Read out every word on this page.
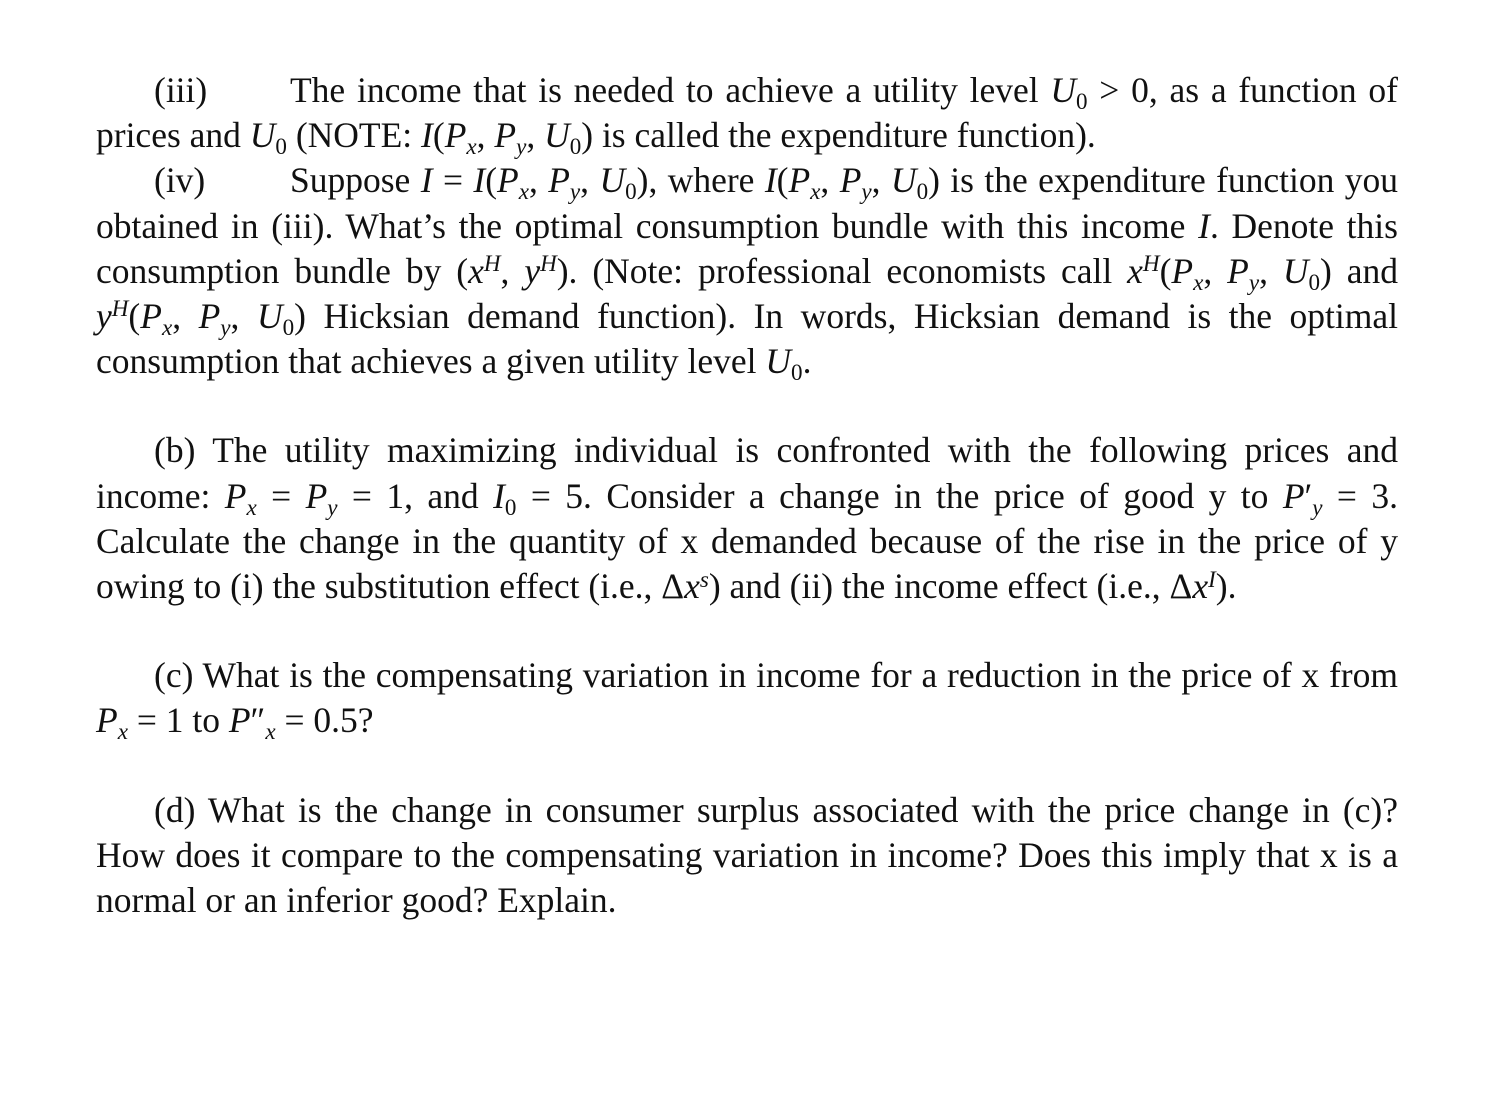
(iii) The income that is needed to achieve a utility level $U_0 > 0$, as a function of prices and $U_0$ (NOTE: $I(P_x$, $P_y$, $U_0$) is called the expenditure function).

(iv) Suppose $I = I(P_x$, $P_y$, $U_0$), where $I(P_x$, $P_y$, $U_0$) is the expenditure function you obtained in (iii). What’s the optimal consumption bundle with this income I. Denote this consumption bundle by ($x^H$, $y^H$). (Note: professional economists call $x^H(P_x$, $P_y$, $U_0$) and $y^H(P_x$, $P_y$, $U_0$) Hicksian demand function). In words, Hicksian demand is the optimal consumption that achieves a given utility level $U_0$.

(b) The utility maximizing individual is confronted with the following prices and income: $P_x = P_y = 1$, and $I_0 = 5$. Consider a change in the price of good y to $P'_y = 3$. Calculate the change in the quantity of x demanded because of the rise in the price of y owing to (i) the substitution effect (i.e., $\Delta x^s$) and (ii) the income effect (i.e., $\Delta x^I$).

(c) What is the compensating variation in income for a reduction in the price of x from $P_x = 1$ to $P''_x = 0.5$?

(d) What is the change in consumer surplus associated with the price change in (c)? How does it compare to the compensating variation in income? Does this imply that x is a normal or an inferior good? Explain.
